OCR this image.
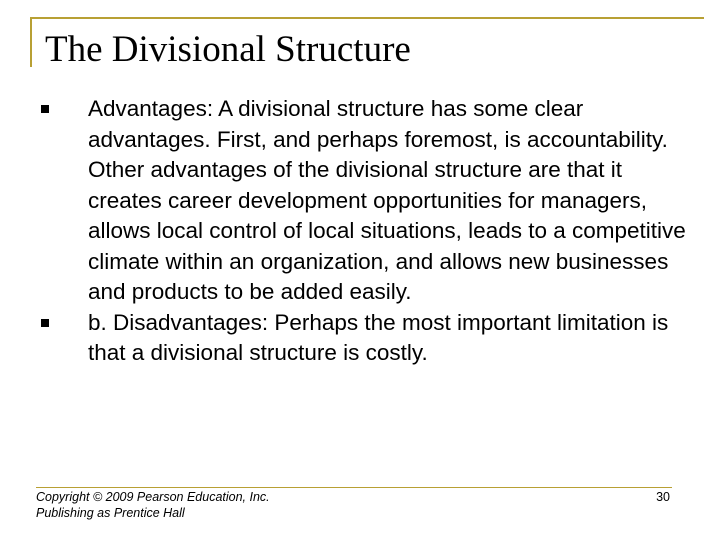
The Divisional Structure
Advantages: A divisional structure has some clear advantages. First, and perhaps foremost, is accountability. Other advantages of the divisional structure are that it creates career development opportunities for managers, allows local control of local situations, leads to a competitive climate within an organization, and allows new businesses and products to be added easily.
b. Disadvantages: Perhaps the most important limitation is that a divisional structure is costly.
Copyright © 2009 Pearson Education, Inc.
Publishing as Prentice Hall
30
